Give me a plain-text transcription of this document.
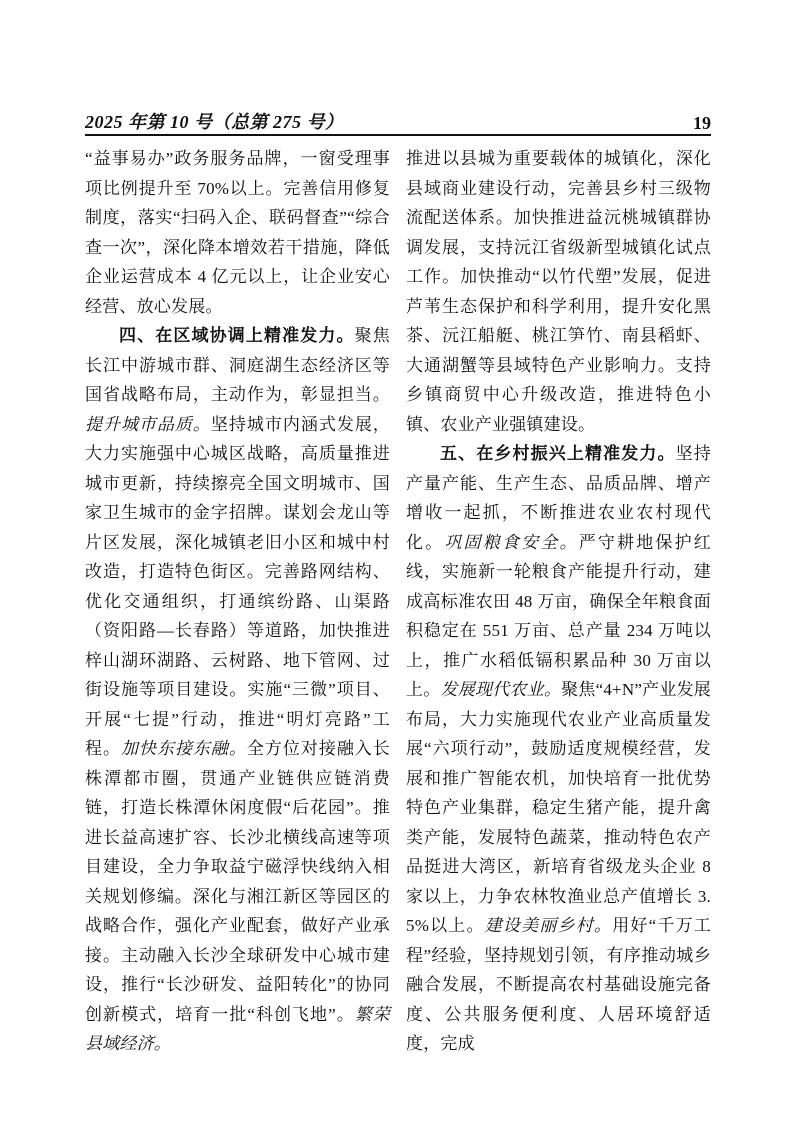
2025 年第 10 号（总第 275 号）	19

“益事易办”政务服务品牌，一窗受理事项比例提升至 70%以上。完善信用修复制度，落实“扫码入企、联码督查”“综合查一次”，深化降本增效若干措施，降低企业运营成本 4 亿元以上，让企业安心经营、放心发展。

四、在区域协调上精准发力。聚焦长江中游城市群、洞庭湖生态经济区等国省战略布局，主动作为，彰显担当。提升城市品质。坚持城市内涵式发展，大力实施强中心城区战略，高质量推进城市更新，持续擦亮全国文明城市、国家卫生城市的金字招牌。谋划会龙山等片区发展，深化城镇老旧小区和城中村改造，打造特色街区。完善路网结构、优化交通组织，打通缤纷路、山渠路（资阳路—长春路）等道路，加快推进梓山湖环湖路、云树路、地下管网、过街设施等项目建设。实施“三微”项目、开展“七提”行动，推进“明灯亮路”工程。加快东接东融。全方位对接融入长株潭都市圈，贯通产业链供应链消费链，打造长株潭休闲度假“后花园”。推进长益高速扩容、长沙北横线高速等项目建设，全力争取益宁磁浮快线纳入相关规划修编。深化与湘江新区等园区的战略合作，强化产业配套，做好产业承接。主动融入长沙全球研发中心城市建设，推行“长沙研发、益阳转化”的协同创新模式，培育一批“科创飞地”。繁荣县域经济。

推进以县城为重要载体的城镇化，深化县域商业建设行动，完善县乡村三级物流配送体系。加快推进益沅桃城镇群协调发展，支持沅江省级新型城镇化试点工作。加快推动“以竹代塑”发展，促进芦苇生态保护和科学利用，提升安化黑茶、沅江船艇、桃江笋竹、南县稻虾、大通湖蟹等县域特色产业影响力。支持乡镇商贸中心升级改造，推进特色小镇、农业产业强镇建设。

五、在乡村振兴上精准发力。坚持产量产能、生产生态、品质品牌、增产增收一起抓，不断推进农业农村现代化。巩固粮食安全。严守耕地保护红线，实施新一轮粮食产能提升行动，建成高标准农田 48 万亩，确保全年粮食面积稳定在 551 万亩、总产量 234 万吨以上，推广水稻低镉积累品种 30 万亩以上。发展现代农业。聚焦“4+N”产业发展布局，大力实施现代农业产业高质量发展“六项行动”，鼓励适度规模经营，发展和推广智能农机，加快培育一批优势特色产业集群，稳定生猪产能，提升禽类产能，发展特色蔬菜，推动特色农产品挺进大湾区，新培育省级龙头企业 8 家以上，力争农林牧渔业总产值增长 3.5%以上。建设美丽乡村。用好“千万工程”经验，坚持规划引领，有序推动城乡融合发展，不断提高农村基础设施完备度、公共服务便利度、人居环境舒适度，完成
